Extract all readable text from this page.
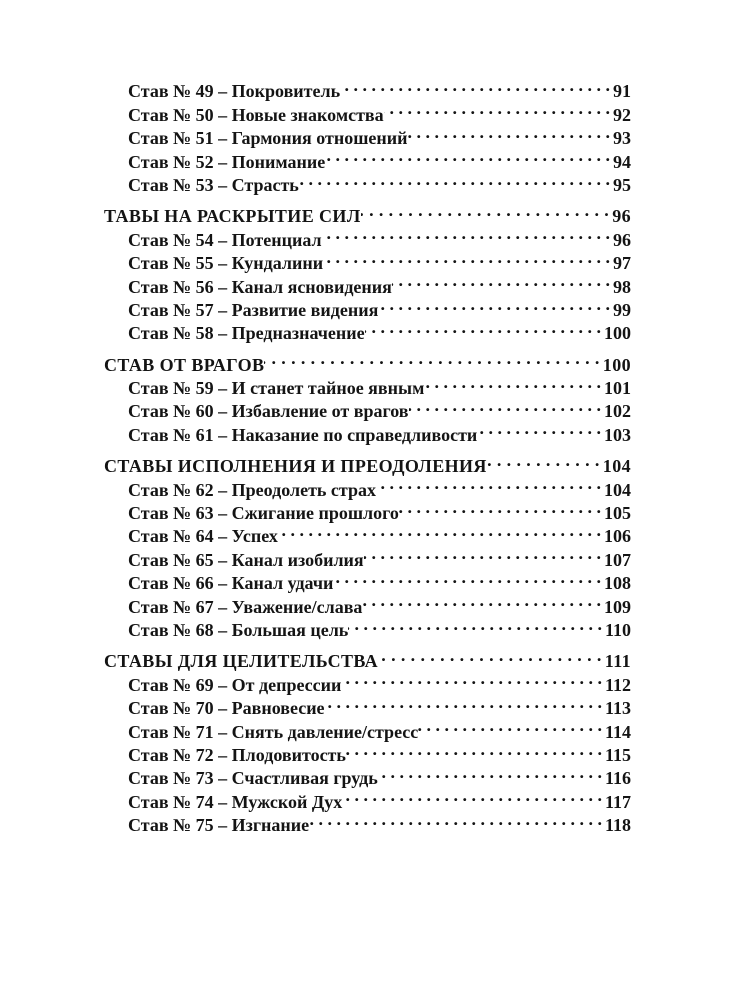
Став № 49 – Покровитель . . .	91
Став № 50 – Новые знакомства . . .	92
Став № 51 – Гармония отношений . . .	93
Став № 52 – Понимание . . .	94
Став № 53 – Страсть . . .	95
ТАВЫ НА РАСКРЫТИЕ СИЛ . . .	96
Став № 54 – Потенциал . . .	96
Став № 55 – Кундалини . . .	97
Став № 56 – Канал ясновидения . . .	98
Став № 57 – Развитие видения . . .	99
Став № 58 – Предназначение . . .	100
СТАВ ОТ ВРАГОВ . . .	100
Став № 59 – И станет тайное явным . . .	101
Став № 60 – Избавление от врагов . . .	102
Став № 61 – Наказание по справедливости . . .	103
СТАВЫ ИСПОЛНЕНИЯ И ПРЕОДОЛЕНИЯ . . .	104
Став № 62 – Преодолеть страх . . .	104
Став № 63 – Сжигание прошлого . . .	105
Став № 64 – Успех . . .	106
Став № 65 – Канал изобилия . . .	107
Став № 66 – Канал удачи . . .	108
Став № 67 – Уважение/слава . . .	109
Став № 68 – Большая цель . . .	110
СТАВЫ ДЛЯ ЦЕЛИТЕЛЬСТВА . . .	111
Став № 69 – От депрессии . . .	112
Став № 70 – Равновесие . . .	113
Став № 71 – Снять давление/стресс . . .	114
Став № 72 – Плодовитость . . .	115
Став № 73 – Счастливая грудь . . .	116
Став № 74 – Мужской Дух . . .	117
Став № 75 – Изгнание . . .	118
